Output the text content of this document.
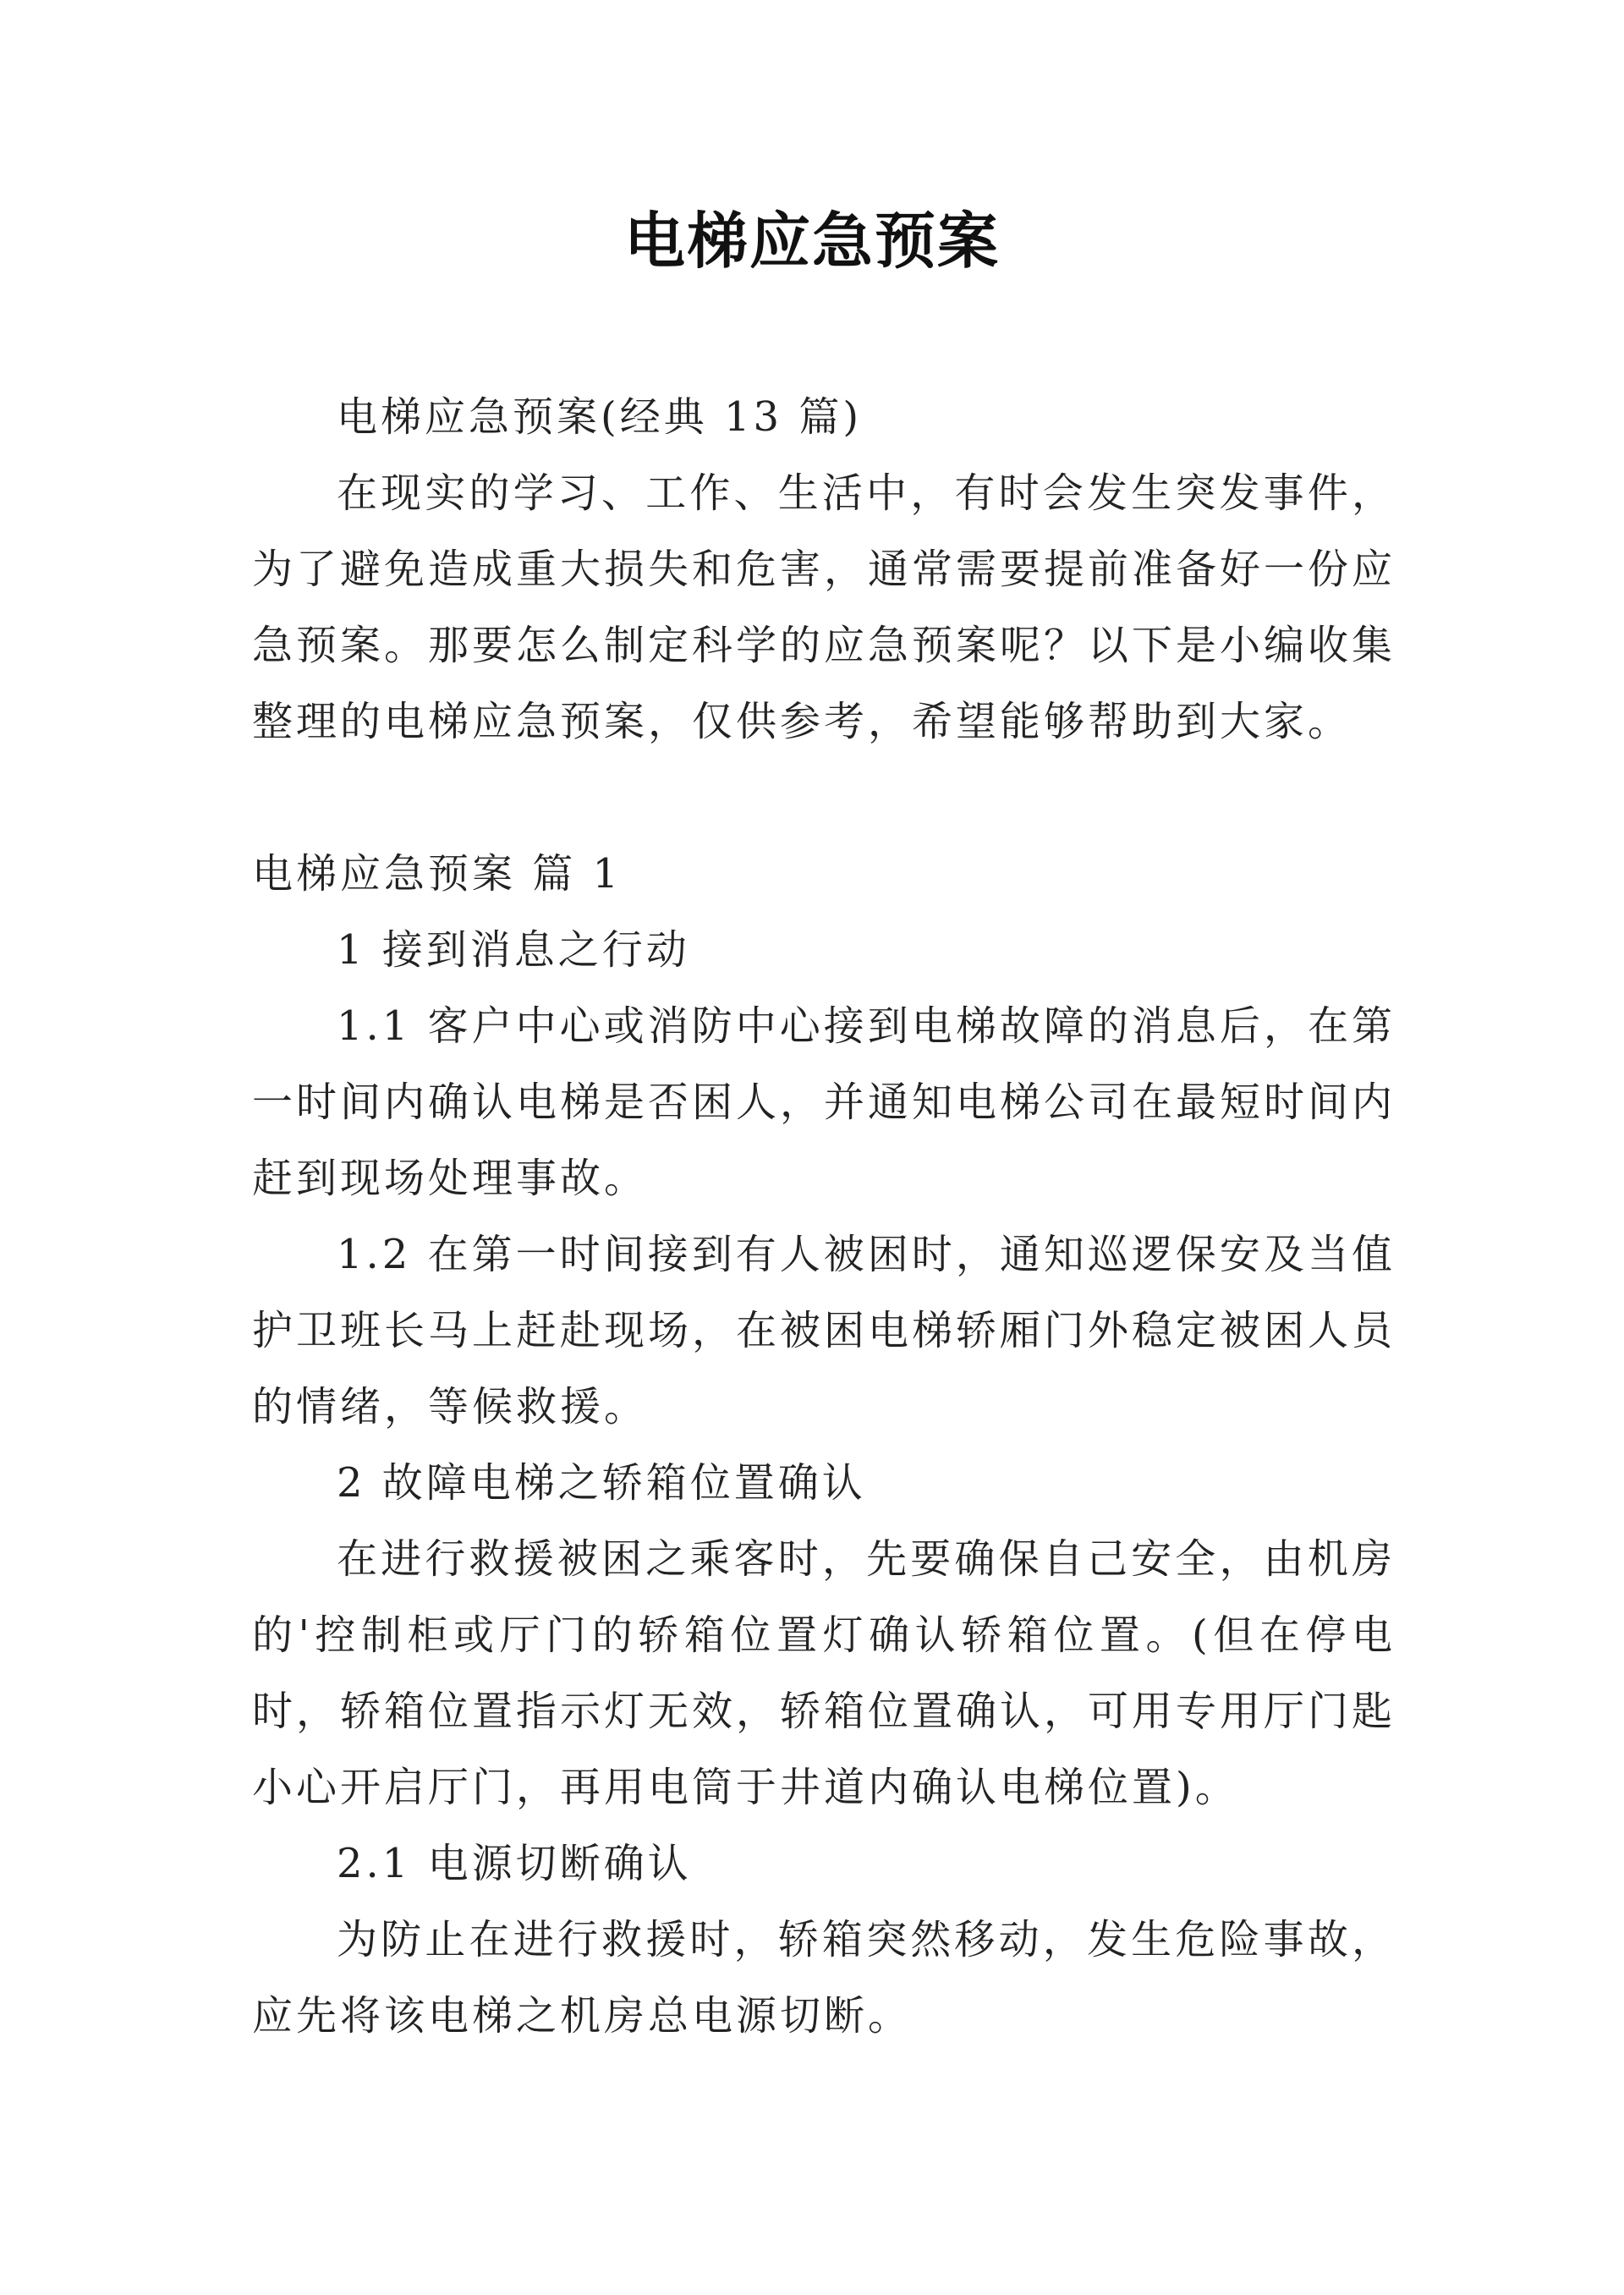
电梯应急预案

电梯应急预案(经典 13 篇)

在现实的学习、工作、生活中，有时会发生突发事件，为了避免造成重大损失和危害，通常需要提前准备好一份应急预案。那要怎么制定科学的应急预案呢？以下是小编收集整理的电梯应急预案，仅供参考，希望能够帮助到大家。

电梯应急预案 篇 1

1 接到消息之行动

1.1 客户中心或消防中心接到电梯故障的消息后，在第一时间内确认电梯是否困人，并通知电梯公司在最短时间内赶到现场处理事故。

1.2 在第一时间接到有人被困时，通知巡逻保安及当值护卫班长马上赶赴现场，在被困电梯轿厢门外稳定被困人员的情绪，等候救援。

2 故障电梯之轿箱位置确认

在进行救援被困之乘客时，先要确保自己安全，由机房的'控制柜或厅门的轿箱位置灯确认轿箱位置。(但在停电时，轿箱位置指示灯无效，轿箱位置确认，可用专用厅门匙小心开启厅门，再用电筒于井道内确认电梯位置)。

2.1 电源切断确认

为防止在进行救援时，轿箱突然移动，发生危险事故，应先将该电梯之机房总电源切断。
